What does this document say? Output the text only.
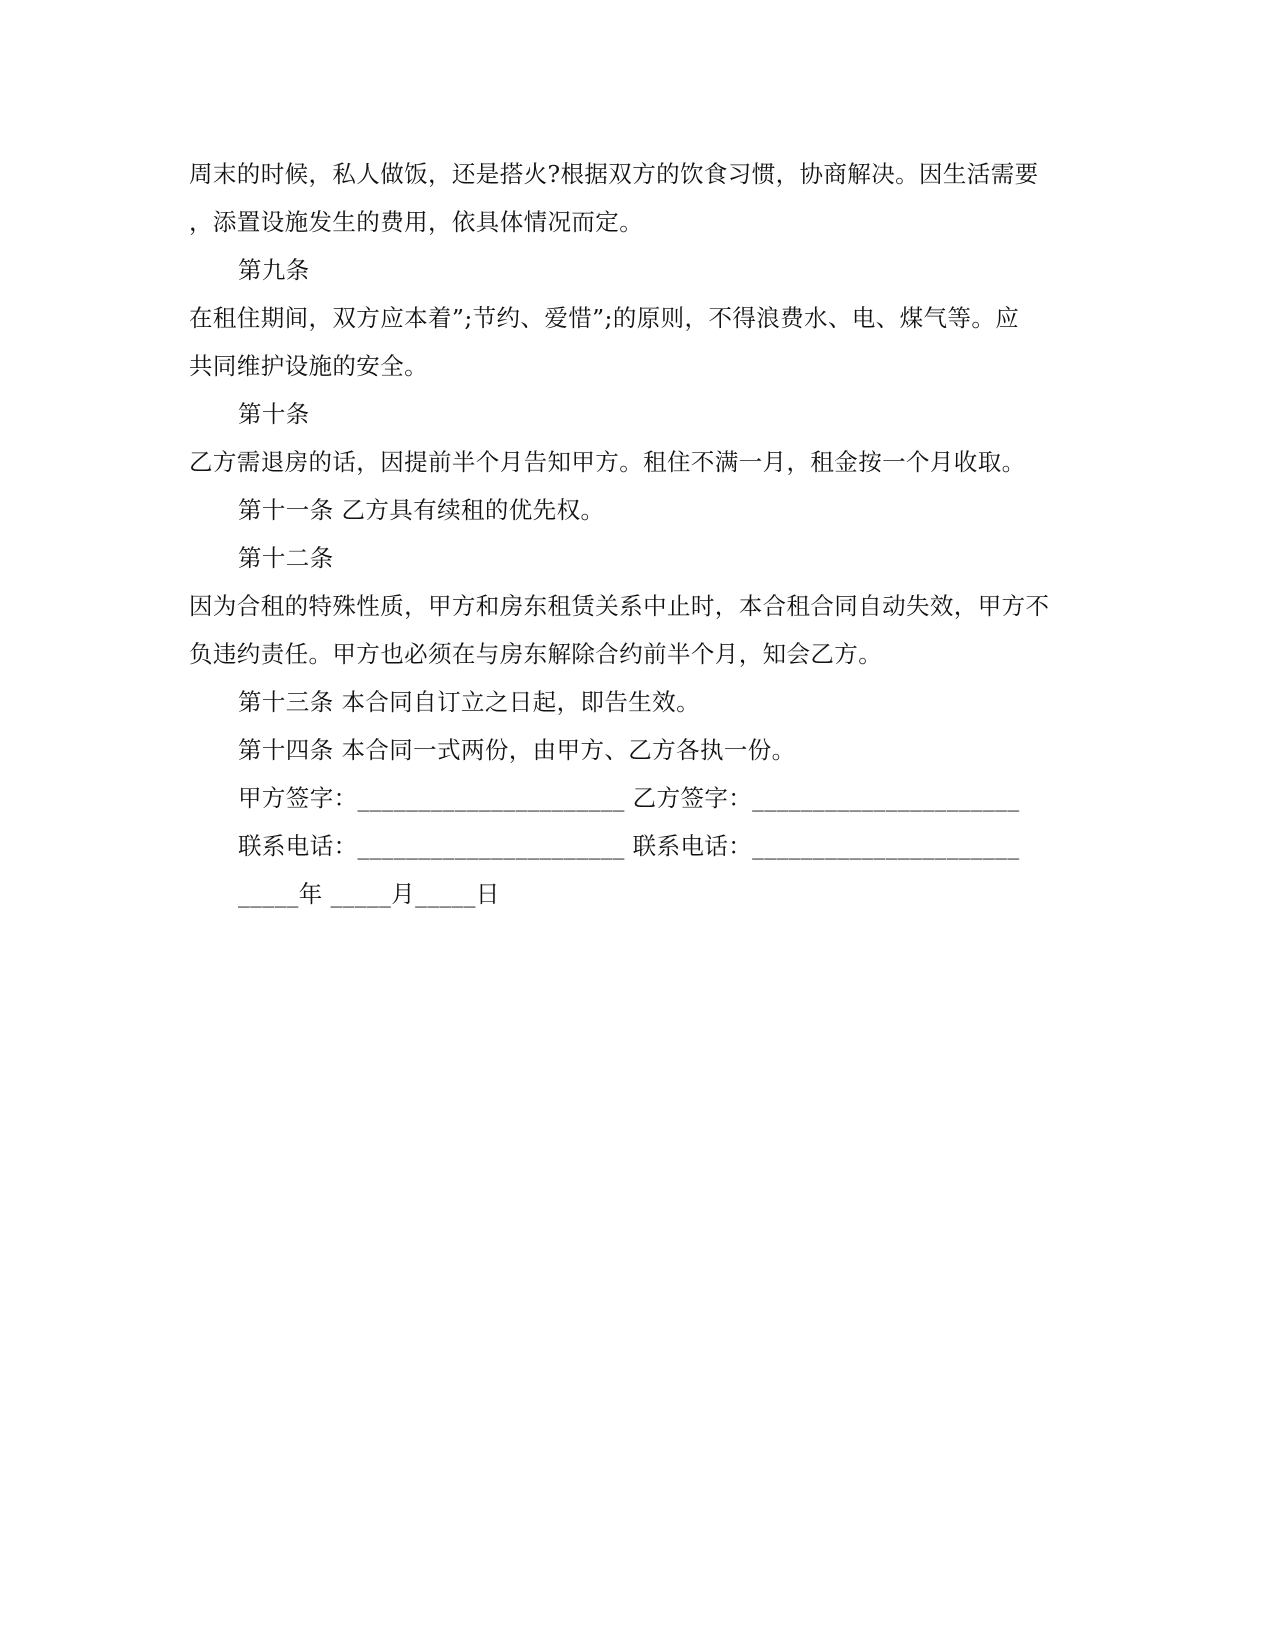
周末的时候，私人做饭，还是搭火?根据双方的饮食习惯，协商解决。因生活需要
，添置设施发生的费用，依具体情况而定。
第九条
在租住期间，双方应本着”;节约、爱惜”;的原则，不得浪费水、电、煤气等。应
共同维护设施的安全。
第十条
乙方需退房的话，因提前半个月告知甲方。租住不满一月，租金按一个月收取。
第十一条 乙方具有续租的优先权。
第十二条
因为合租的特殊性质，甲方和房东租赁关系中止时，本合租合同自动失效，甲方不
负违约责任。甲方也必须在与房东解除合约前半个月，知会乙方。
第十三条 本合同自订立之日起，即告生效。
第十四条 本合同一式两份，由甲方、乙方各执一份。
甲方签字：______________________ 乙方签字：______________________
联系电话：______________________ 联系电话：______________________
_____年 _____月_____日
